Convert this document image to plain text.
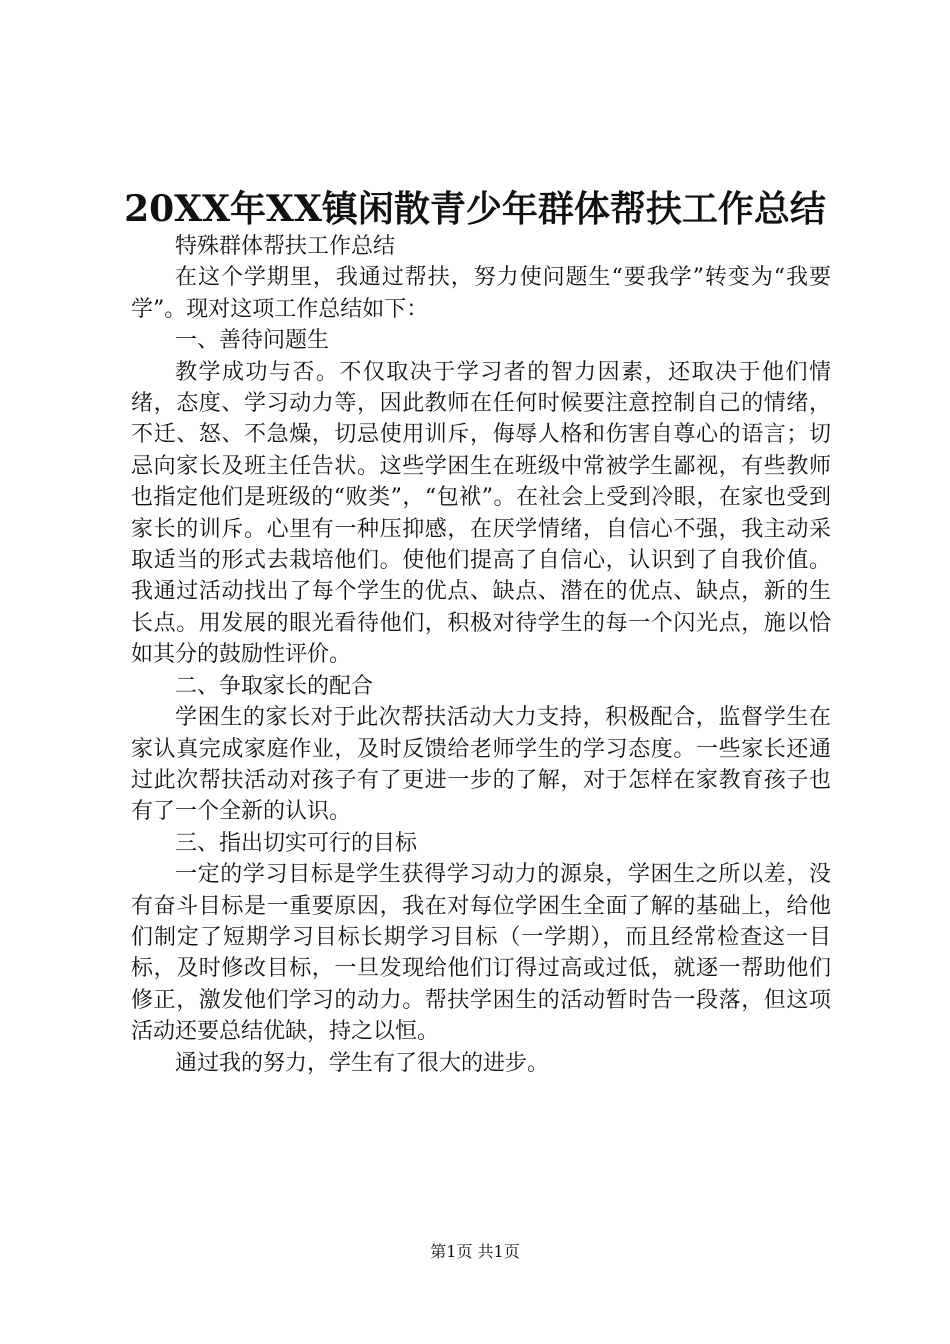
20XX年XX镇闲散青少年群体帮扶工作总结

特殊群体帮扶工作总结

在这个学期里，我通过帮扶，努力使问题生“要我学”转变为“我要学”。现对这项工作总结如下：

一、善待问题生

教学成功与否。不仅取决于学习者的智力因素，还取决于他们情绪，态度、学习动力等，因此教师在任何时候要注意控制自己的情绪，不迁、怒、不急燥，切忌使用训斥，侮辱人格和伤害自尊心的语言；切忌向家长及班主任告状。这些学困生在班级中常被学生鄙视，有些教师也指定他们是班级的“败类”，“包袱”。在社会上受到冷眼，在家也受到家长的训斥。心里有一种压抑感，在厌学情绪，自信心不强，我主动采取适当的形式去栽培他们。使他们提高了自信心，认识到了自我价值。我通过活动找出了每个学生的优点、缺点、潜在的优点、缺点，新的生长点。用发展的眼光看待他们，积极对待学生的每一个闪光点，施以恰如其分的鼓励性评价。

二、争取家长的配合

学困生的家长对于此次帮扶活动大力支持，积极配合，监督学生在家认真完成家庭作业，及时反馈给老师学生的学习态度。一些家长还通过此次帮扶活动对孩子有了更进一步的了解，对于怎样在家教育孩子也有了一个全新的认识。

三、指出切实可行的目标

一定的学习目标是学生获得学习动力的源泉，学困生之所以差，没有奋斗目标是一重要原因，我在对每位学困生全面了解的基础上，给他们制定了短期学习目标长期学习目标（一学期），而且经常检查这一目标，及时修改目标，一旦发现给他们订得过高或过低，就逐一帮助他们修正，激发他们学习的动力。帮扶学困生的活动暂时告一段落，但这项活动还要总结优缺，持之以恒。

通过我的努力，学生有了很大的进步。

第1页 共1页
